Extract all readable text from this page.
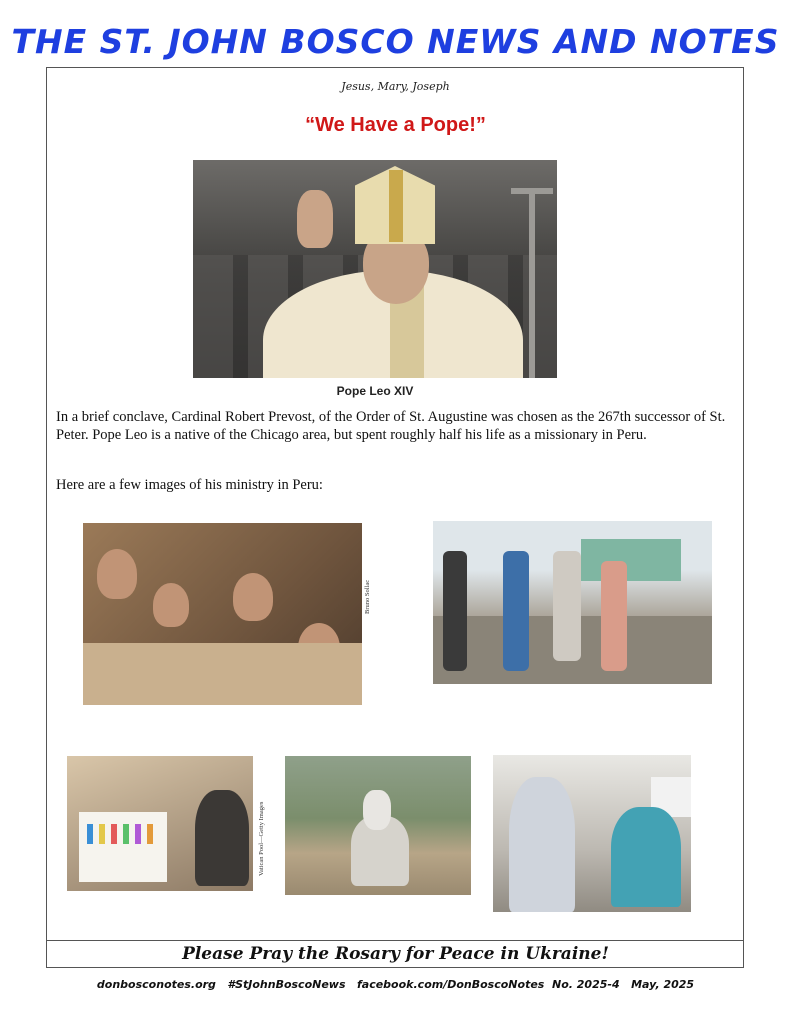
THE ST. JOHN BOSCO NEWS AND NOTES
Jesus, Mary, Joseph
“We Have a Pope!”
Pope Leo XIV

In a brief conclave, Cardinal Robert Prevost, of the Order of St. Augustine was chosen as the 267th successor of St. Peter. Pope Leo is a native of the Chicago area, but spent roughly half his life as a missionary in Peru.

Here are a few images of his ministry in Peru:

Bruno Sollac
Vatican Pool—Getty Images
Please Pray the Rosary for Peace in Ukraine!
donbosconotes.org   #StJohnBoscoNews   facebook.com/DonBoscoNotes  No. 2025-4   May, 2025
